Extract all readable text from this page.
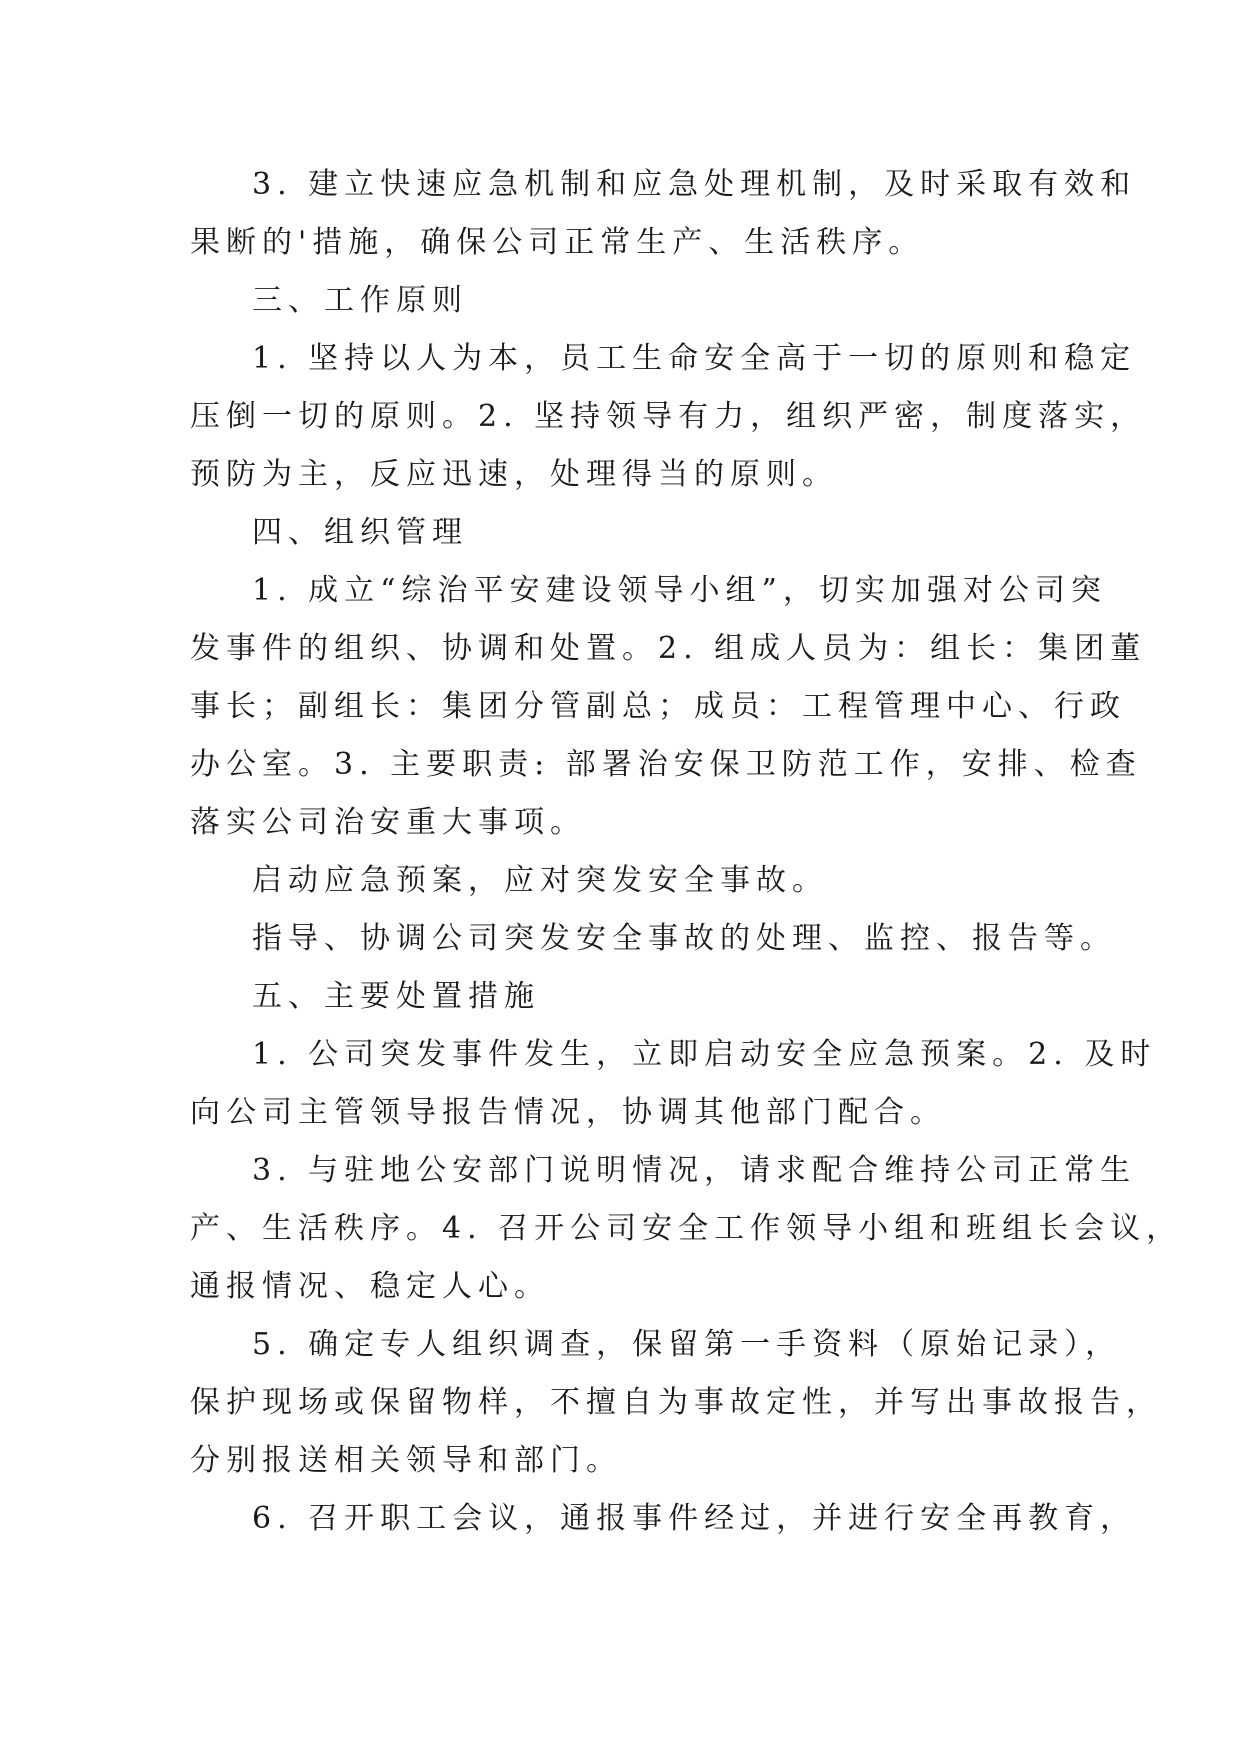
3. 建立快速应急机制和应急处理机制，及时采取有效和
果断的'措施，确保公司正常生产、生活秩序。
三、工作原则
1. 坚持以人为本，员工生命安全高于一切的原则和稳定
压倒一切的原则。2. 坚持领导有力，组织严密，制度落实，
预防为主，反应迅速，处理得当的原则。
四、组织管理
1. 成立“综治平安建设领导小组”，切实加强对公司突
发事件的组织、协调和处置。2. 组成人员为：组长：集团董
事长；副组长：集团分管副总；成员：工程管理中心、行政
办公室。3. 主要职责: 部署治安保卫防范工作，安排、检查
落实公司治安重大事项。
启动应急预案，应对突发安全事故。
指导、协调公司突发安全事故的处理、监控、报告等。
五、主要处置措施
1. 公司突发事件发生，立即启动安全应急预案。2. 及时
向公司主管领导报告情况，协调其他部门配合。
3. 与驻地公安部门说明情况，请求配合维持公司正常生
产、生活秩序。4. 召开公司安全工作领导小组和班组长会议，
通报情况、稳定人心。
5. 确定专人组织调查，保留第一手资料（原始记录），
保护现场或保留物样，不擅自为事故定性，并写出事故报告，
分别报送相关领导和部门。
6. 召开职工会议，通报事件经过，并进行安全再教育，
